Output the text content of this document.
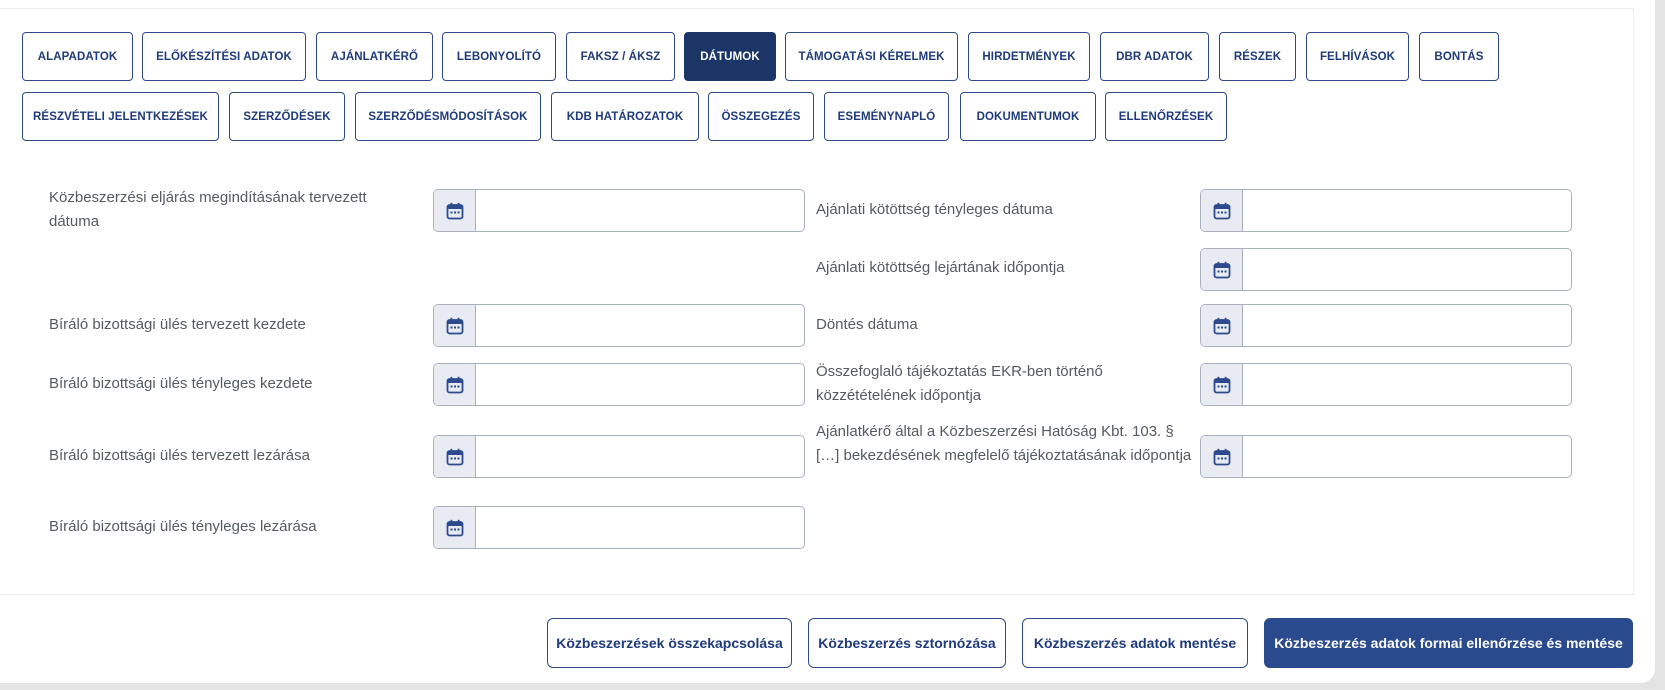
ALAPADATOK	ELŐKÉSZÍTÉSI ADATOK	AJÁNLATKÉRŐ	LEBONYOLÍTÓ	FAKSZ / ÁKSZ	DÁTUMOK	TÁMOGATÁSI KÉRELMEK	HIRDETMÉNYEK	DBR ADATOK	RÉSZEK	FELHÍVÁSOK	BONTÁS
RÉSZVÉTELI JELENTKEZÉSEK	SZERZŐDÉSEK	SZERZŐDÉSMÓDOSÍTÁSOK	KDB HATÁROZATOK	ÖSSZEGEZÉS	ESEMÉNYNAPLÓ	DOKUMENTUMOK	ELLENŐRZÉSEK
Közbeszerzési eljárás megindításának tervezett dátuma
Bíráló bizottsági ülés tervezett kezdete
Bíráló bizottsági ülés tényleges kezdete
Bíráló bizottsági ülés tervezett lezárása
Bíráló bizottsági ülés tényleges lezárása
Ajánlati kötöttség tényleges dátuma
Ajánlati kötöttség lejártának időpontja
Döntés dátuma
Összefoglaló tájékoztatás EKR-ben történő közzétételének időpontja
Ajánlatkérő által a Közbeszerzési Hatóság Kbt. 103. § […] bekezdésének megfelelő tájékoztatásának időpontja
Közbeszerzések összekapcsolása	Közbeszerzés sztornózása	Közbeszerzés adatok mentése	Közbeszerzés adatok formai ellenőrzése és mentése
